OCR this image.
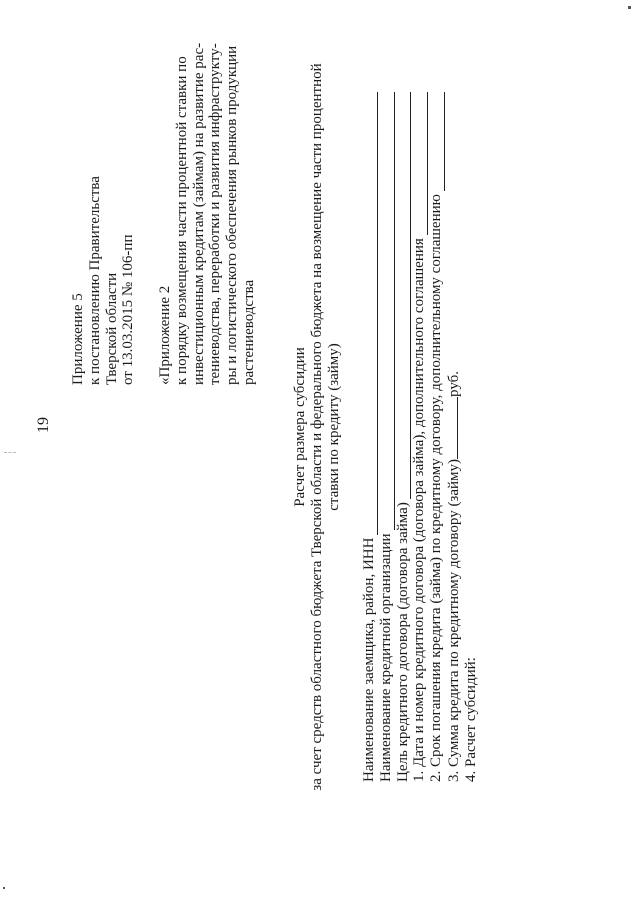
19
Приложение 5 к постановлению Правительства Тверской области от 13.03.2015 № 106-пп «Приложение 2 к порядку возмещения части процентной ставки по инвестиционным кредитам (займам) на развитие рас- тениеводства, переработки и развития инфраструкту- ры и логистического обеспечения рынков продукции растениеводства
Расчет размера субсидии за счет средств областного бюджета Тверской области и федерального бюджета на возмещение части процентной ставки по кредиту (займу)
Наименование заемщика, район, ИНН Наименование кредитной организации Цель кредитного договора (договора займа) 1. Дата и номер кредитного договора (договора займа), дополнительного соглашения 2. Срок погашения кредита (займа) по кредитному договору, дополнительному соглашению 3. Сумма кредита по кредитному договору (займу)руб.
4. Расчет субсидий:
